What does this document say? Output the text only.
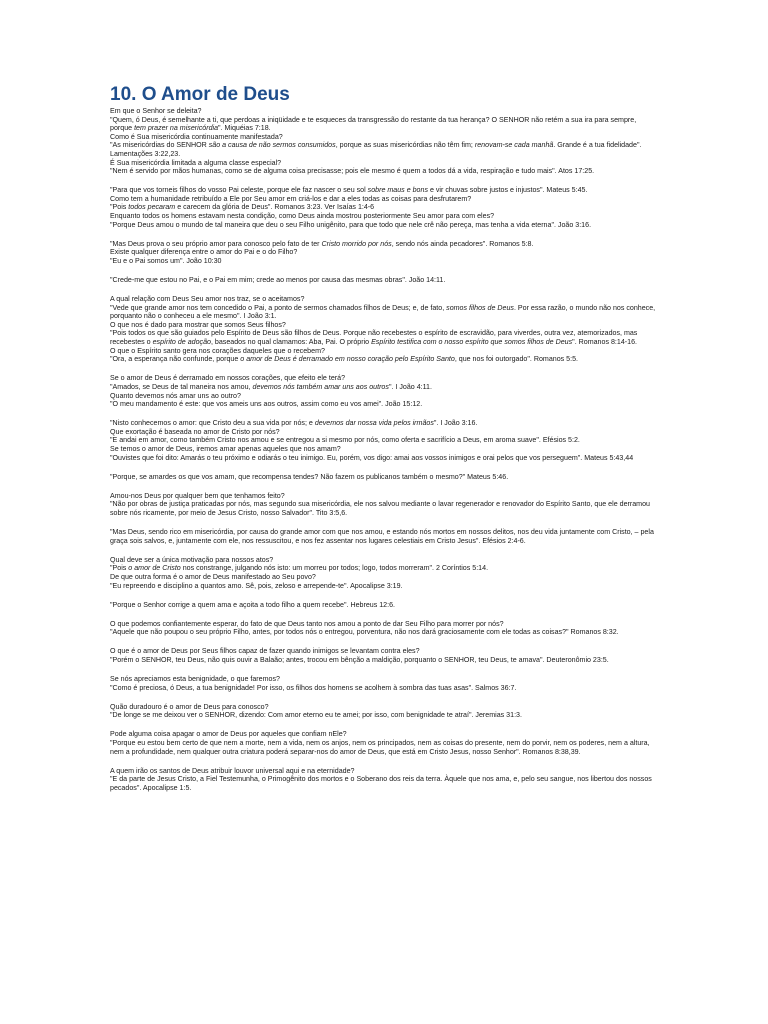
10. O Amor de Deus

Em que o Senhor se deleita?

"Quem, ó Deus, é semelhante a ti, que perdoas a iniqüidade e te esqueces da transgressão do restante da tua herança? O SENHOR não retém a sua ira para sempre, porque tem prazer na misericórdia". Miquéias 7:18.

Como é Sua misericórdia continuamente manifestada?

"As misericórdias do SENHOR são a causa de não sermos consumidos, porque as suas misericórdias não têm fim; renovam-se cada manhã. Grande é a tua fidelidade". Lamentações 3:22,23.

É Sua misericórdia limitada a alguma classe especial?

"Nem é servido por mãos humanas, como se de alguma coisa precisasse; pois ele mesmo é quem a todos dá a vida, respiração e tudo mais". Atos 17:25.

"Para que vos torneis filhos do vosso Pai celeste, porque ele faz nascer o seu sol sobre maus e bons e vir chuvas sobre justos e injustos". Mateus 5:45.

Como tem a humanidade retribuído a Ele por Seu amor em criá-los e dar a eles todas as coisas para desfrutarem?

"Pois todos pecaram e carecem da glória de Deus". Romanos 3:23. Ver Isaías 1:4-6

Enquanto todos os homens estavam nesta condição, como Deus ainda mostrou posteriormente Seu amor para com eles?

"Porque Deus amou o mundo de tal maneira que deu o seu Filho unigênito, para que todo que nele crê não pereça, mas tenha a vida eterna". João 3:16.

"Mas Deus prova o seu próprio amor para conosco pelo fato de ter Cristo morrido por nós, sendo nós ainda pecadores". Romanos 5:8.

Existe qualquer diferença entre o amor do Pai e o do Filho?

"Eu e o Pai somos um". João 10:30

"Crede-me que estou no Pai, e o Pai em mim; crede ao menos por causa das mesmas obras". João 14:11.

A qual relação com Deus Seu amor nos traz, se o aceitamos?

"Vede que grande amor nos tem concedido o Pai, a ponto de sermos chamados filhos de Deus; e, de fato, somos filhos de Deus. Por essa razão, o mundo não nos conhece, porquanto não o conheceu a ele mesmo". I João 3:1.

O que nos é dado para mostrar que somos Seus filhos?

"Pois todos os que são guiados pelo Espírito de Deus são filhos de Deus. Porque não recebestes o espírito de escravidão, para viverdes, outra vez, atemorizados, mas recebestes o espírito de adoção, baseados no qual clamamos: Aba, Pai. O próprio Espírito testifica com o nosso espírito que somos filhos de Deus". Romanos 8:14-16.

O que o Espírito santo gera nos corações daqueles que o recebem?

"Ora, a esperança não confunde, porque o amor de Deus é derramado em nosso coração pelo Espírito Santo, que nos foi outorgado". Romanos 5:5.

Se o amor de Deus é derramado em nossos corações, que efeito ele terá?

"Amados, se Deus de tal maneira nos amou, devemos nós também amar uns aos outros". I João 4:11.

Quanto devemos nós amar uns ao outro?

"O meu mandamento é este: que vos ameis uns aos outros, assim como eu vos amei". João 15:12.

"Nisto conhecemos o amor: que Cristo deu a sua vida por nós; e devemos dar nossa vida pelos irmãos". I João 3:16.

Que exortação é baseada no amor de Cristo por nós?

"E andai em amor, como também Cristo nos amou e se entregou a si mesmo por nós, como oferta e sacrifício a Deus, em aroma suave". Efésios 5:2.

Se temos o amor de Deus, iremos amar apenas aqueles que nos amam?

"Ouvistes que foi dito: Amarás o teu próximo e odiarás o teu inimigo. Eu, porém, vos digo: amai aos vossos inimigos e orai pelos que vos perseguem". Mateus 5:43,44

"Porque, se amardes os que vos amam, que recompensa tendes? Não fazem os publicanos também o mesmo?" Mateus 5:46.

Amou-nos Deus por qualquer bem que tenhamos feito?

"Não por obras de justiça praticadas por nós, mas segundo sua misericórdia, ele nos salvou mediante o lavar regenerador e renovador do Espírito Santo, que ele derramou sobre nós ricamente, por meio de Jesus Cristo, nosso Salvador". Tito 3:5,6.

"Mas Deus, sendo rico em misericórdia, por causa do grande amor com que nos amou, e estando nós mortos em nossos delitos, nos deu vida juntamente com Cristo, – pela graça sois salvos, e, juntamente com ele, nos ressuscitou, e nos fez assentar nos lugares celestiais em Cristo Jesus". Efésios 2:4-6.

Qual deve ser a única motivação para nossos atos?

"Pois o amor de Cristo nos constrange, julgando nós isto: um morreu por todos; logo, todos morreram". 2 Coríntios 5:14.

De que outra forma é o amor de Deus manifestado ao Seu povo?

"Eu repreendo e disciplino a quantos amo. Sê, pois, zeloso e arrepende-te". Apocalipse 3:19.

"Porque o Senhor corrige a quem ama e açoita a todo filho a quem recebe". Hebreus 12:6.

O que podemos confiantemente esperar, do fato de que Deus tanto nos amou a ponto de dar Seu Filho para morrer por nós?

"Aquele que não poupou o seu próprio Filho, antes, por todos nós o entregou, porventura, não nos dará graciosamente com ele todas as coisas?" Romanos 8:32.

O que é o amor de Deus por Seus filhos capaz de fazer quando inimigos se levantam contra eles?

"Porém o SENHOR, teu Deus, não quis ouvir a Balaão; antes, trocou em bênção a maldição, porquanto o SENHOR, teu Deus, te amava". Deuteronômio 23:5.

Se nós apreciamos esta benignidade, o que faremos?

"Como é preciosa, ó Deus, a tua benignidade! Por isso, os filhos dos homens se acolhem à sombra das tuas asas". Salmos 36:7.

Quão duradouro é o amor de Deus para conosco?

"De longe se me deixou ver o SENHOR, dizendo: Com amor eterno eu te amei; por isso, com benignidade te atraí". Jeremias 31:3.

Pode alguma coisa apagar o amor de Deus por aqueles que confiam nEle?

"Porque eu estou bem certo de que nem a morte, nem a vida, nem os anjos, nem os principados, nem as coisas do presente, nem do porvir, nem os poderes, nem a altura, nem a profundidade, nem qualquer outra criatura poderá separar-nos do amor de Deus, que está em Cristo Jesus, nosso Senhor". Romanos 8:38,39.

A quem irão os santos de Deus atribuir louvor universal aqui e na eternidade?

"E da parte de Jesus Cristo, a Fiel Testemunha, o Primogênito dos mortos e o Soberano dos reis da terra. Àquele que nos ama, e, pelo seu sangue, nos libertou dos nossos pecados". Apocalipse 1:5.
